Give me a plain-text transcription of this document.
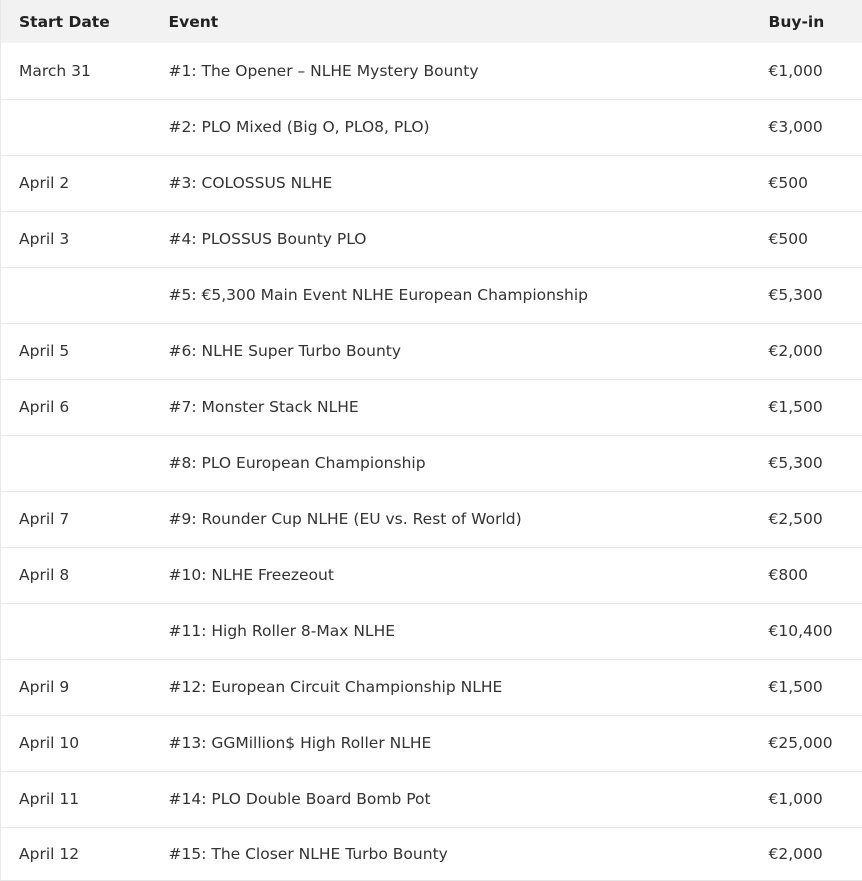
Start Date	Event	Buy-in
March 31	#1: The Opener – NLHE Mystery Bounty	€1,000
	#2: PLO Mixed (Big O, PLO8, PLO)	€3,000
April 2	#3: COLOSSUS NLHE	€500
April 3	#4: PLOSSUS Bounty PLO	€500
	#5: €5,300 Main Event NLHE European Championship	€5,300
April 5	#6: NLHE Super Turbo Bounty	€2,000
April 6	#7: Monster Stack NLHE	€1,500
	#8: PLO European Championship	€5,300
April 7	#9: Rounder Cup NLHE (EU vs. Rest of World)	€2,500
April 8	#10: NLHE Freezeout	€800
	#11: High Roller 8-Max NLHE	€10,400
April 9	#12: European Circuit Championship NLHE	€1,500
April 10	#13: GGMillion$ High Roller NLHE	€25,000
April 11	#14: PLO Double Board Bomb Pot	€1,000
April 12	#15: The Closer NLHE Turbo Bounty	€2,000
